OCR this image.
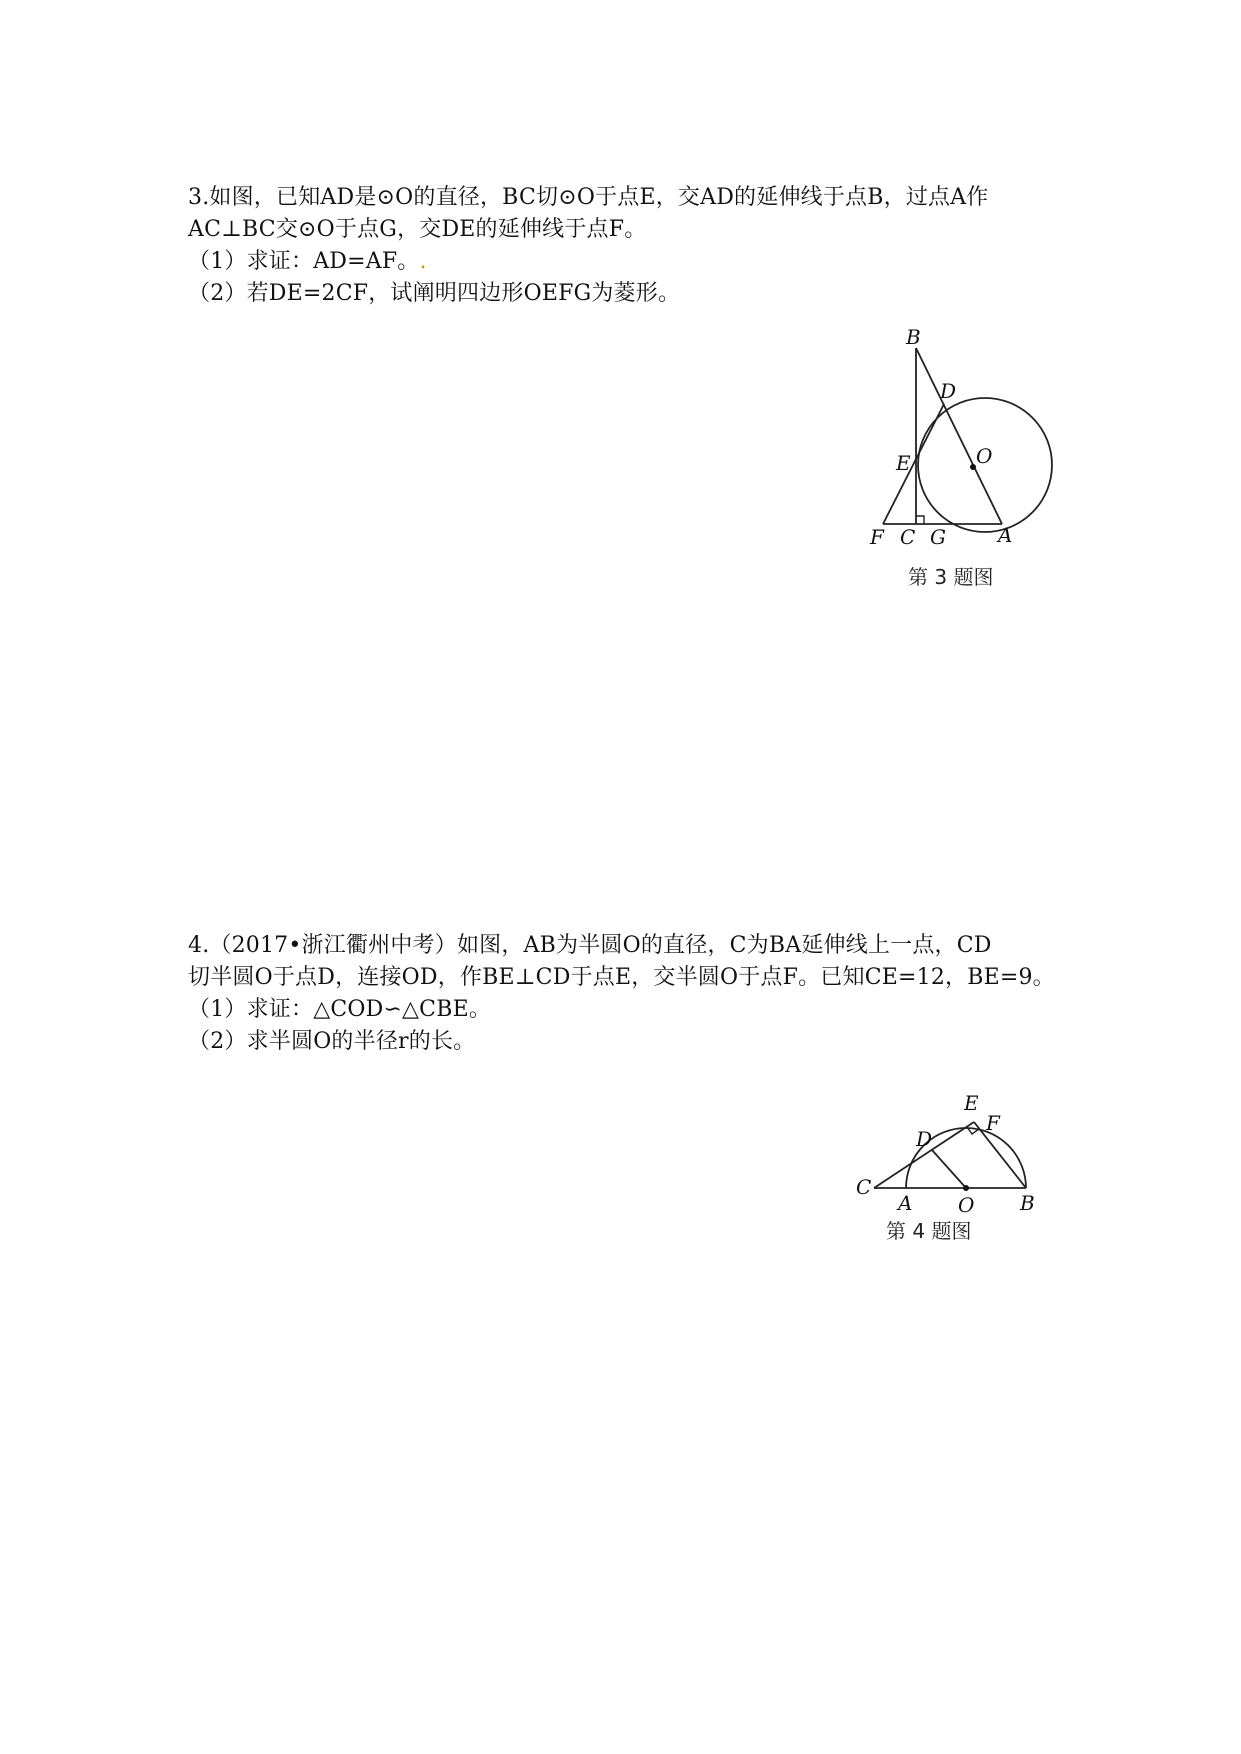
3.如图，已知AD是⊙O的直径，BC切⊙O于点E，交AD的延伸线于点B，过点A作
AC⊥BC交⊙O于点G，交DE的延伸线于点F。
（1）求证：AD=AF。.
（2）若DE=2CF，试阐明四边形OEFG为菱形。
B
D
O
E
F C G	A
第 3 题图
4.（2017•浙江衢州中考）如图，AB为半圆O的直径，C为BA延伸线上一点，CD
切半圆O于点D，连接OD，作BE⊥CD于点E，交半圆O于点F。已知CE=12，BE=9。
（1）求证：△COD∽△CBE。
（2）求半圆O的半径r的长。
E
F
D
C
A O B
第 4 题图
